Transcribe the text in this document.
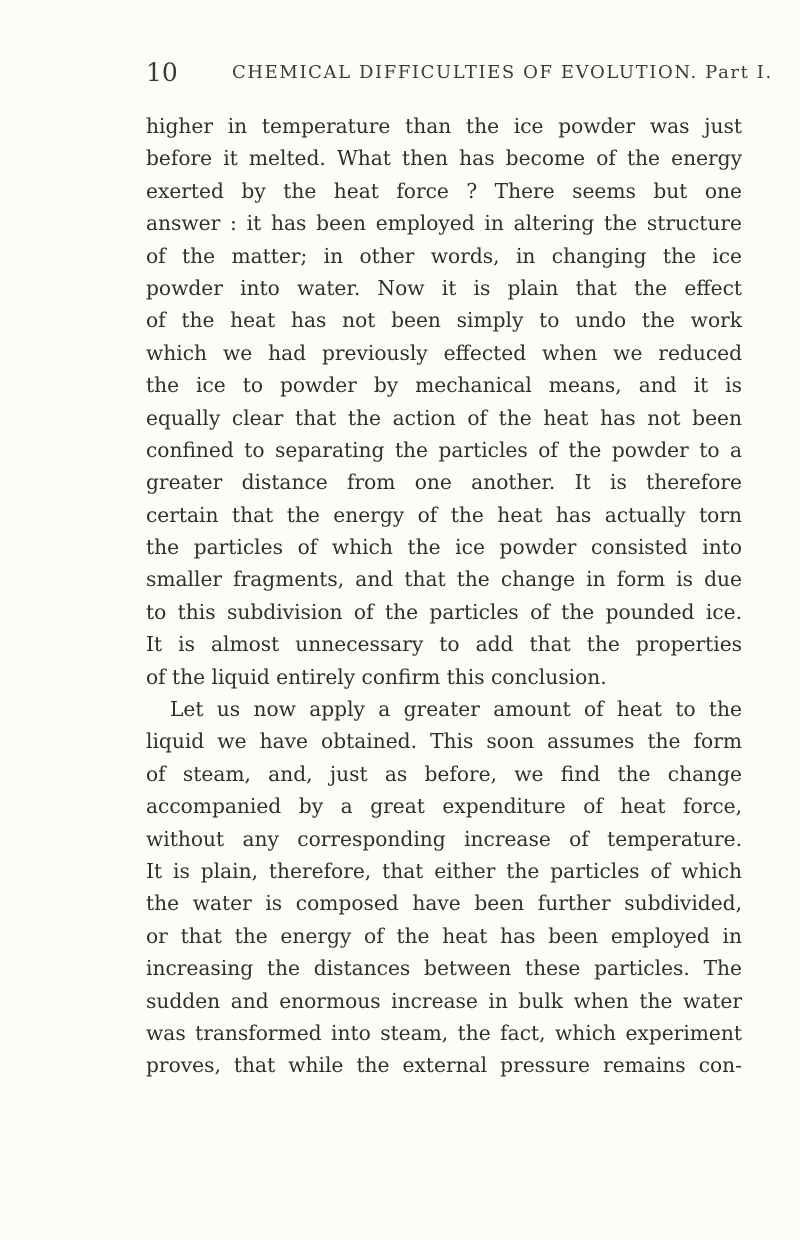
10	CHEMICAL DIFFICULTIES OF EVOLUTION. Part I.
higher in temperature than the ice powder was just
before it melted. What then has become of the energy
exerted by the heat force ? There seems but one
answer : it has been employed in altering the structure
of the matter; in other words, in changing the ice
powder into water. Now it is plain that the effect
of the heat has not been simply to undo the work
which we had previously effected when we reduced
the ice to powder by mechanical means, and it is
equally clear that the action of the heat has not been
confined to separating the particles of the powder to a
greater distance from one another. It is therefore
certain that the energy of the heat has actually torn
the particles of which the ice powder consisted into
smaller fragments, and that the change in form is due
to this subdivision of the particles of the pounded ice.
It is almost unnecessary to add that the properties
of the liquid entirely confirm this conclusion.
Let us now apply a greater amount of heat to the
liquid we have obtained. This soon assumes the form
of steam, and, just as before, we find the change
accompanied by a great expenditure of heat force,
without any corresponding increase of temperature.
It is plain, therefore, that either the particles of which
the water is composed have been further subdivided,
or that the energy of the heat has been employed in
increasing the distances between these particles. The
sudden and enormous increase in bulk when the water
was transformed into steam, the fact, which experiment
proves, that while the external pressure remains con-
